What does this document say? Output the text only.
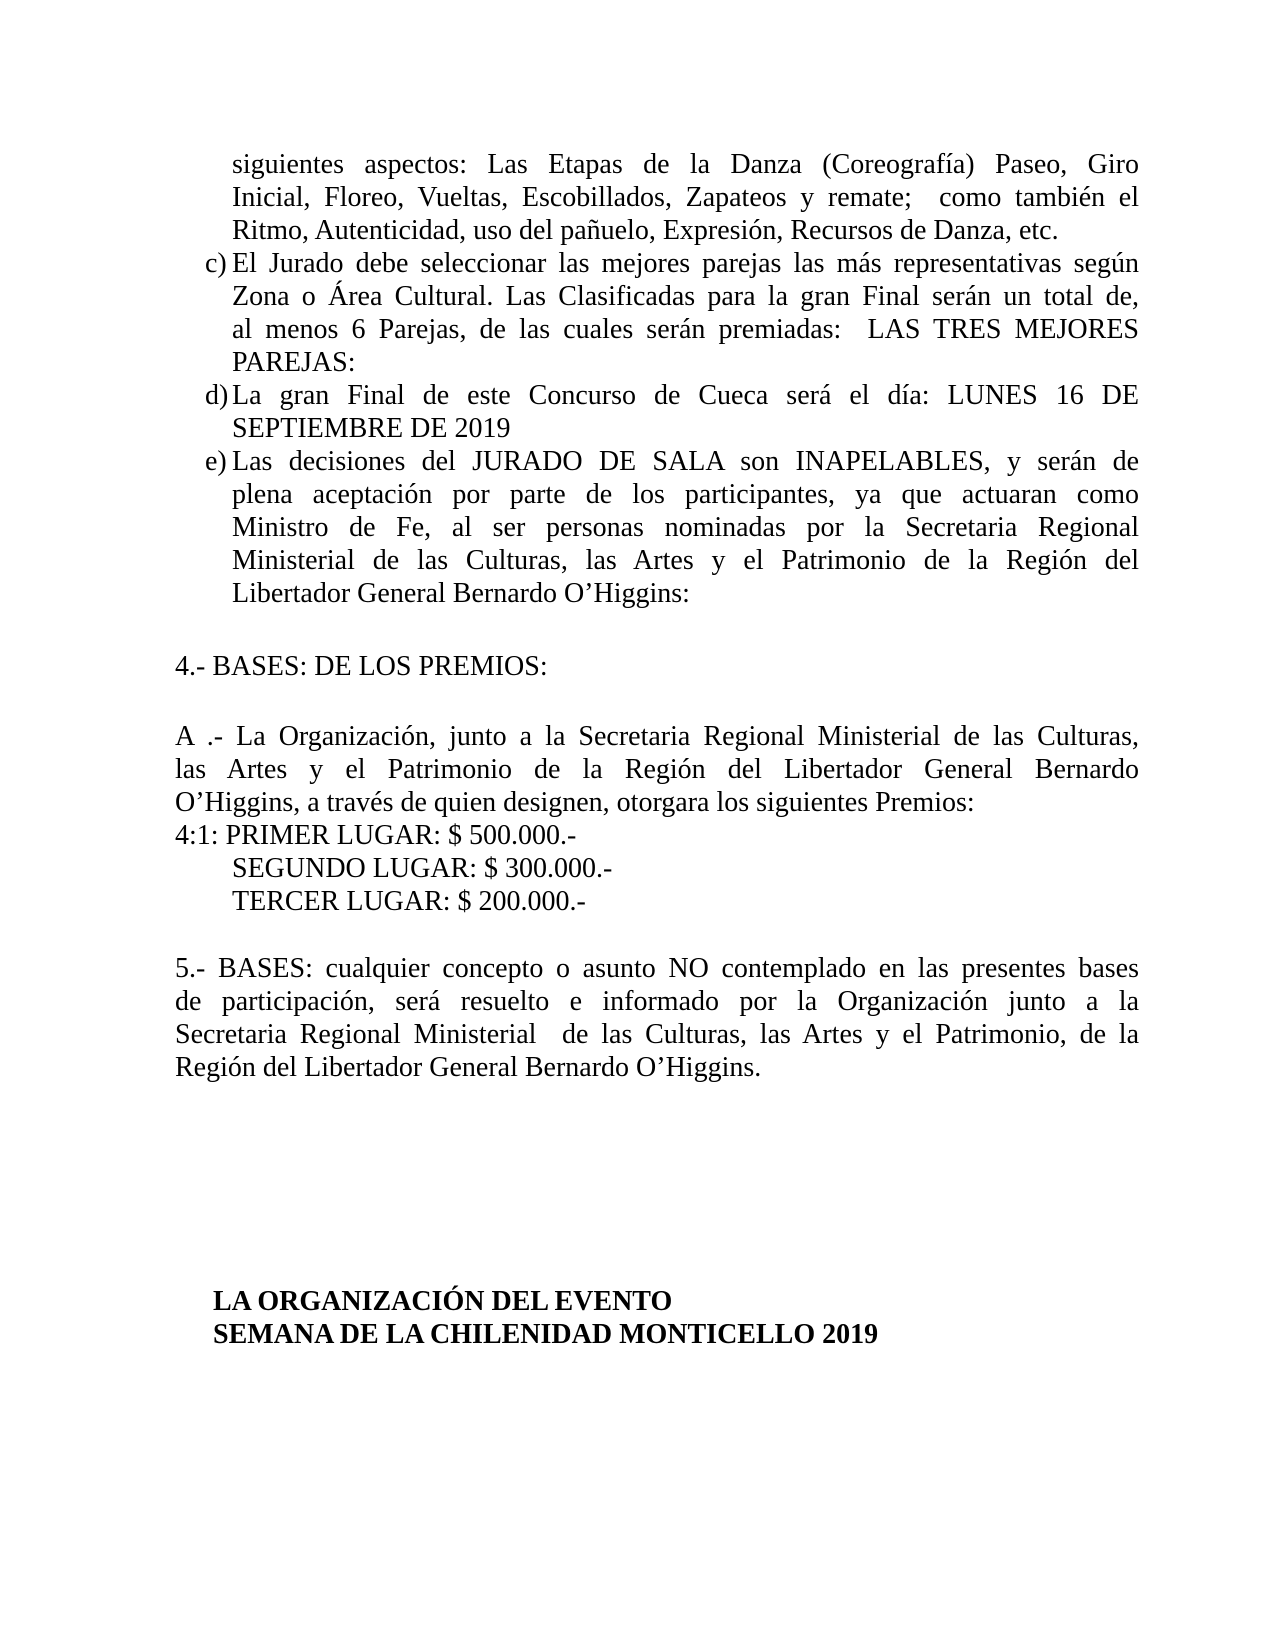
siguientes aspectos: Las Etapas de la Danza (Coreografía) Paseo, Giro
Inicial, Floreo, Vueltas, Escobillados, Zapateos y remate;  como también el
Ritmo, Autenticidad, uso del pañuelo, Expresión, Recursos de Danza, etc.
c) El Jurado debe seleccionar las mejores parejas las más representativas según
Zona o Área Cultural. Las Clasificadas para la gran Final serán un total de,
al menos 6 Parejas, de las cuales serán premiadas:  LAS TRES MEJORES
PAREJAS:
d) La gran Final de este Concurso de Cueca será el día: LUNES 16 DE
SEPTIEMBRE DE 2019
e) Las decisiones del JURADO DE SALA son INAPELABLES, y serán de
plena aceptación por parte de los participantes, ya que actuaran como
Ministro de Fe, al ser personas nominadas por la Secretaria Regional
Ministerial de las Culturas, las Artes y el Patrimonio de la Región del
Libertador General Bernardo O’Higgins:
4.- BASES: DE LOS PREMIOS:
A .- La Organización, junto a la Secretaria Regional Ministerial de las Culturas,
las Artes y el Patrimonio de la Región del Libertador General Bernardo
O’Higgins, a través de quien designen, otorgara los siguientes Premios:
4:1: PRIMER LUGAR: $ 500.000.-
SEGUNDO LUGAR: $ 300.000.-
TERCER LUGAR: $ 200.000.-
5.- BASES: cualquier concepto o asunto NO contemplado en las presentes bases
de participación, será resuelto e informado por la Organización junto a la
Secretaria Regional Ministerial  de las Culturas, las Artes y el Patrimonio, de la
Región del Libertador General Bernardo O’Higgins.
LA ORGANIZACIÓN DEL EVENTO
SEMANA DE LA CHILENIDAD MONTICELLO 2019
